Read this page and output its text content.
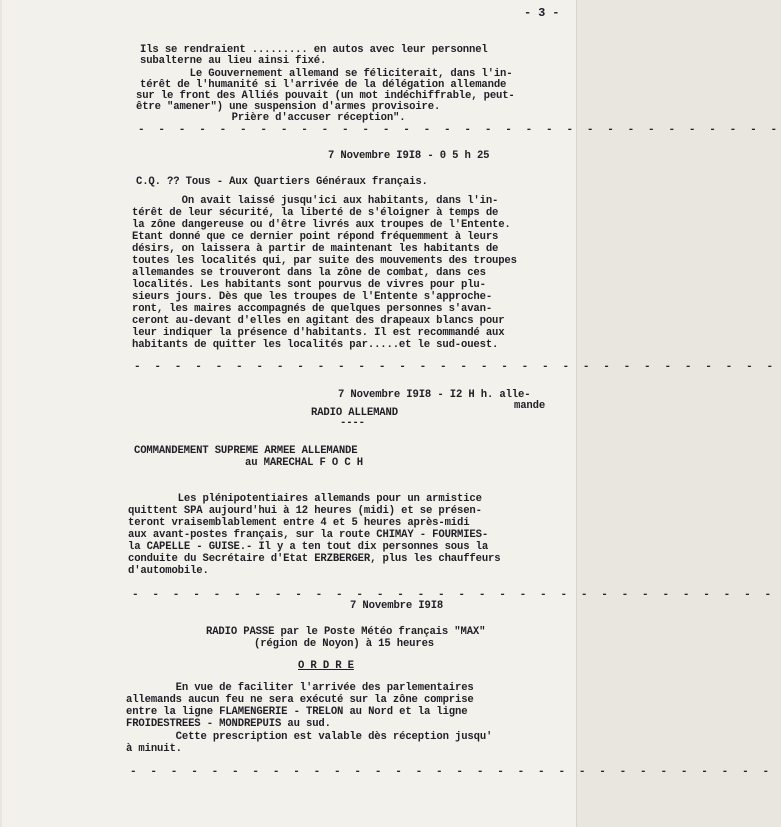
- 3 -
Ils se rendraient ......... en autos avec leur personnel
subalterne au lieu ainsi fixé.
Le Gouvernement allemand se féliciterait, dans l'in-
térêt de l'humanité si l'arrivée de la délégation allemande
sur le front des Alliés pouvait (un mot indéchiffrable, peut-
être "amener") une suspension d'armes provisoire.
Prière d'accuser réception".
- - - - - - - - - - - - - - - - - - - - - - - - - - - - - - - -
7 Novembre I9I8 - 0 5 h 25
C.Q. ?? Tous - Aux Quartiers Généraux français.
On avait laissé jusqu'ici aux habitants, dans l'in-
térêt de leur sécurité, la liberté de s'éloigner à temps de
la zône dangereuse ou d'être livrés aux troupes de l'Entente.
Etant donné que ce dernier point répond fréquemment à leurs
désirs, on laissera à partir de maintenant les habitants de
toutes les localités qui, par suite des mouvements des troupes
allemandes se trouveront dans la zône de combat, dans ces
localités. Les habitants sont pourvus de vivres pour plu-
sieurs jours. Dès que les troupes de l'Entente s'approche-
ront, les maires accompagnés de quelques personnes s'avan-
ceront au-devant d'elles en agitant des drapeaux blancs pour
leur indiquer la présence d'habitants. Il est recommandé aux
habitants de quitter les localités par.....et le sud-ouest.
- - - - - - - - - - - - - - - - - - - - - - - - - - - - - - - -
7 Novembre I9I8 - I2 H h. alle-
mande
RADIO ALLEMAND
----
COMMANDEMENT SUPREME ARMEE ALLEMANDE
au MARECHAL F O C H
Les plénipotentiaires allemands pour un armistice
quittent SPA aujourd'hui à 12 heures (midi) et se présen-
teront vraisemblablement entre 4 et 5 heures après-midi
aux avant-postes français, sur la route CHIMAY - FOURMIES-
la CAPELLE - GUISE.- Il y a ten tout dix personnes sous la
conduite du Secrétaire d'Etat ERZBERGER, plus les chauffeurs
d'automobile.
- - - - - - - - - - - - - - - - - - - - - - - - - - - - - - - -
7 Novembre I9I8
RADIO PASSE par le Poste Météo français "MAX"
(région de Noyon) à 15 heures
O R D R E
En vue de faciliter l'arrivée des parlementaires
allemands aucun feu ne sera exécuté sur la zône comprise
entre la ligne FLAMENGERIE - TRELON au Nord et la ligne
FROIDESTREES - MONDREPUIS au sud.
Cette prescription est valable dès réception jusqu'
à minuit.
- - - - - - - - - - - - - - - - - - - - - - - - - - - - - - - -
